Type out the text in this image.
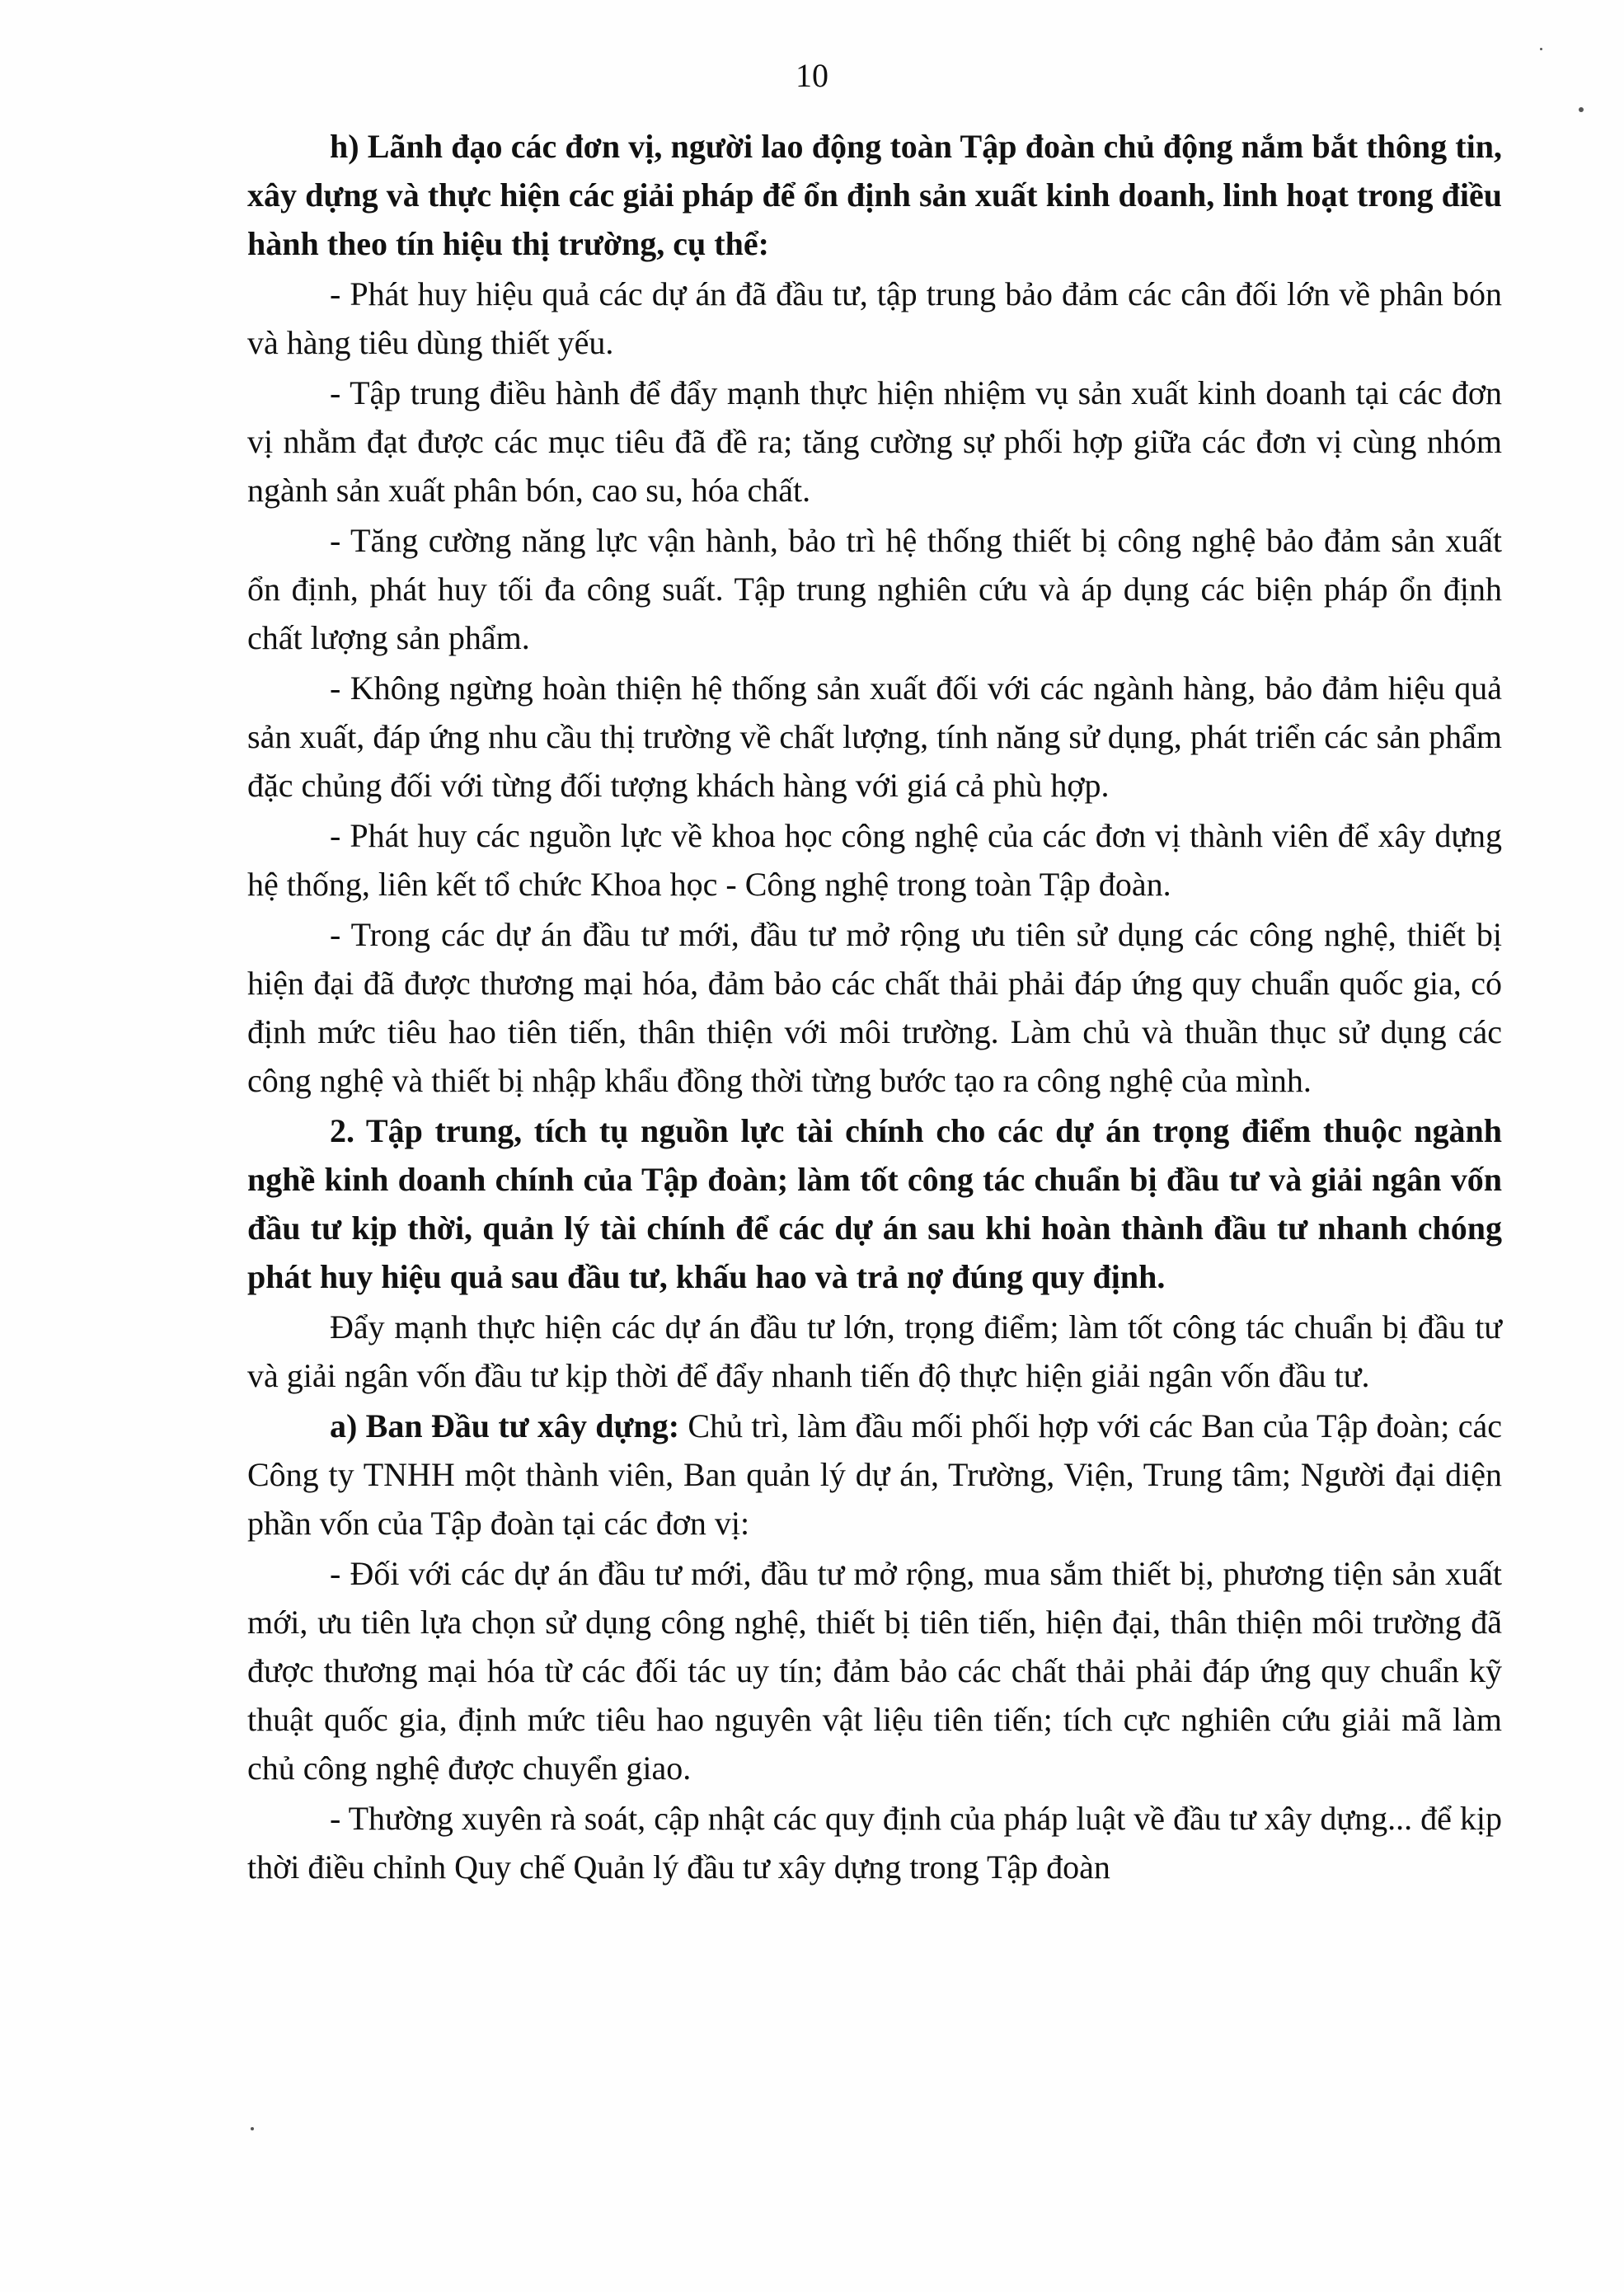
10

h) Lãnh đạo các đơn vị, người lao động toàn Tập đoàn chủ động nắm bắt thông tin, xây dựng và thực hiện các giải pháp để ổn định sản xuất kinh doanh, linh hoạt trong điều hành theo tín hiệu thị trường, cụ thể:

- Phát huy hiệu quả các dự án đã đầu tư, tập trung bảo đảm các cân đối lớn về phân bón và hàng tiêu dùng thiết yếu.

- Tập trung điều hành để đẩy mạnh thực hiện nhiệm vụ sản xuất kinh doanh tại các đơn vị nhằm đạt được các mục tiêu đã đề ra; tăng cường sự phối hợp giữa các đơn vị cùng nhóm ngành sản xuất phân bón, cao su, hóa chất.

- Tăng cường năng lực vận hành, bảo trì hệ thống thiết bị công nghệ bảo đảm sản xuất ổn định, phát huy tối đa công suất. Tập trung nghiên cứu và áp dụng các biện pháp ổn định chất lượng sản phẩm.

- Không ngừng hoàn thiện hệ thống sản xuất đối với các ngành hàng, bảo đảm hiệu quả sản xuất, đáp ứng nhu cầu thị trường về chất lượng, tính năng sử dụng, phát triển các sản phẩm đặc chủng đối với từng đối tượng khách hàng với giá cả phù hợp.

- Phát huy các nguồn lực về khoa học công nghệ của các đơn vị thành viên để xây dựng hệ thống, liên kết tổ chức Khoa học - Công nghệ trong toàn Tập đoàn.

- Trong các dự án đầu tư mới, đầu tư mở rộng ưu tiên sử dụng các công nghệ, thiết bị hiện đại đã được thương mại hóa, đảm bảo các chất thải phải đáp ứng quy chuẩn quốc gia, có định mức tiêu hao tiên tiến, thân thiện với môi trường. Làm chủ và thuần thục sử dụng các công nghệ và thiết bị nhập khẩu đồng thời từng bước tạo ra công nghệ của mình.

2. Tập trung, tích tụ nguồn lực tài chính cho các dự án trọng điểm thuộc ngành nghề kinh doanh chính của Tập đoàn; làm tốt công tác chuẩn bị đầu tư và giải ngân vốn đầu tư kịp thời, quản lý tài chính để các dự án sau khi hoàn thành đầu tư nhanh chóng phát huy hiệu quả sau đầu tư, khấu hao và trả nợ đúng quy định.

Đẩy mạnh thực hiện các dự án đầu tư lớn, trọng điểm; làm tốt công tác chuẩn bị đầu tư và giải ngân vốn đầu tư kịp thời để đẩy nhanh tiến độ thực hiện giải ngân vốn đầu tư.

a) Ban Đầu tư xây dựng: Chủ trì, làm đầu mối phối hợp với các Ban của Tập đoàn; các Công ty TNHH một thành viên, Ban quản lý dự án, Trường, Viện, Trung tâm; Người đại diện phần vốn của Tập đoàn tại các đơn vị:

- Đối với các dự án đầu tư mới, đầu tư mở rộng, mua sắm thiết bị, phương tiện sản xuất mới, ưu tiên lựa chọn sử dụng công nghệ, thiết bị tiên tiến, hiện đại, thân thiện môi trường đã được thương mại hóa từ các đối tác uy tín; đảm bảo các chất thải phải đáp ứng quy chuẩn kỹ thuật quốc gia, định mức tiêu hao nguyên vật liệu tiên tiến; tích cực nghiên cứu giải mã làm chủ công nghệ được chuyển giao.

- Thường xuyên rà soát, cập nhật các quy định của pháp luật về đầu tư xây dựng... để kịp thời điều chỉnh Quy chế Quản lý đầu tư xây dựng trong Tập đoàn
